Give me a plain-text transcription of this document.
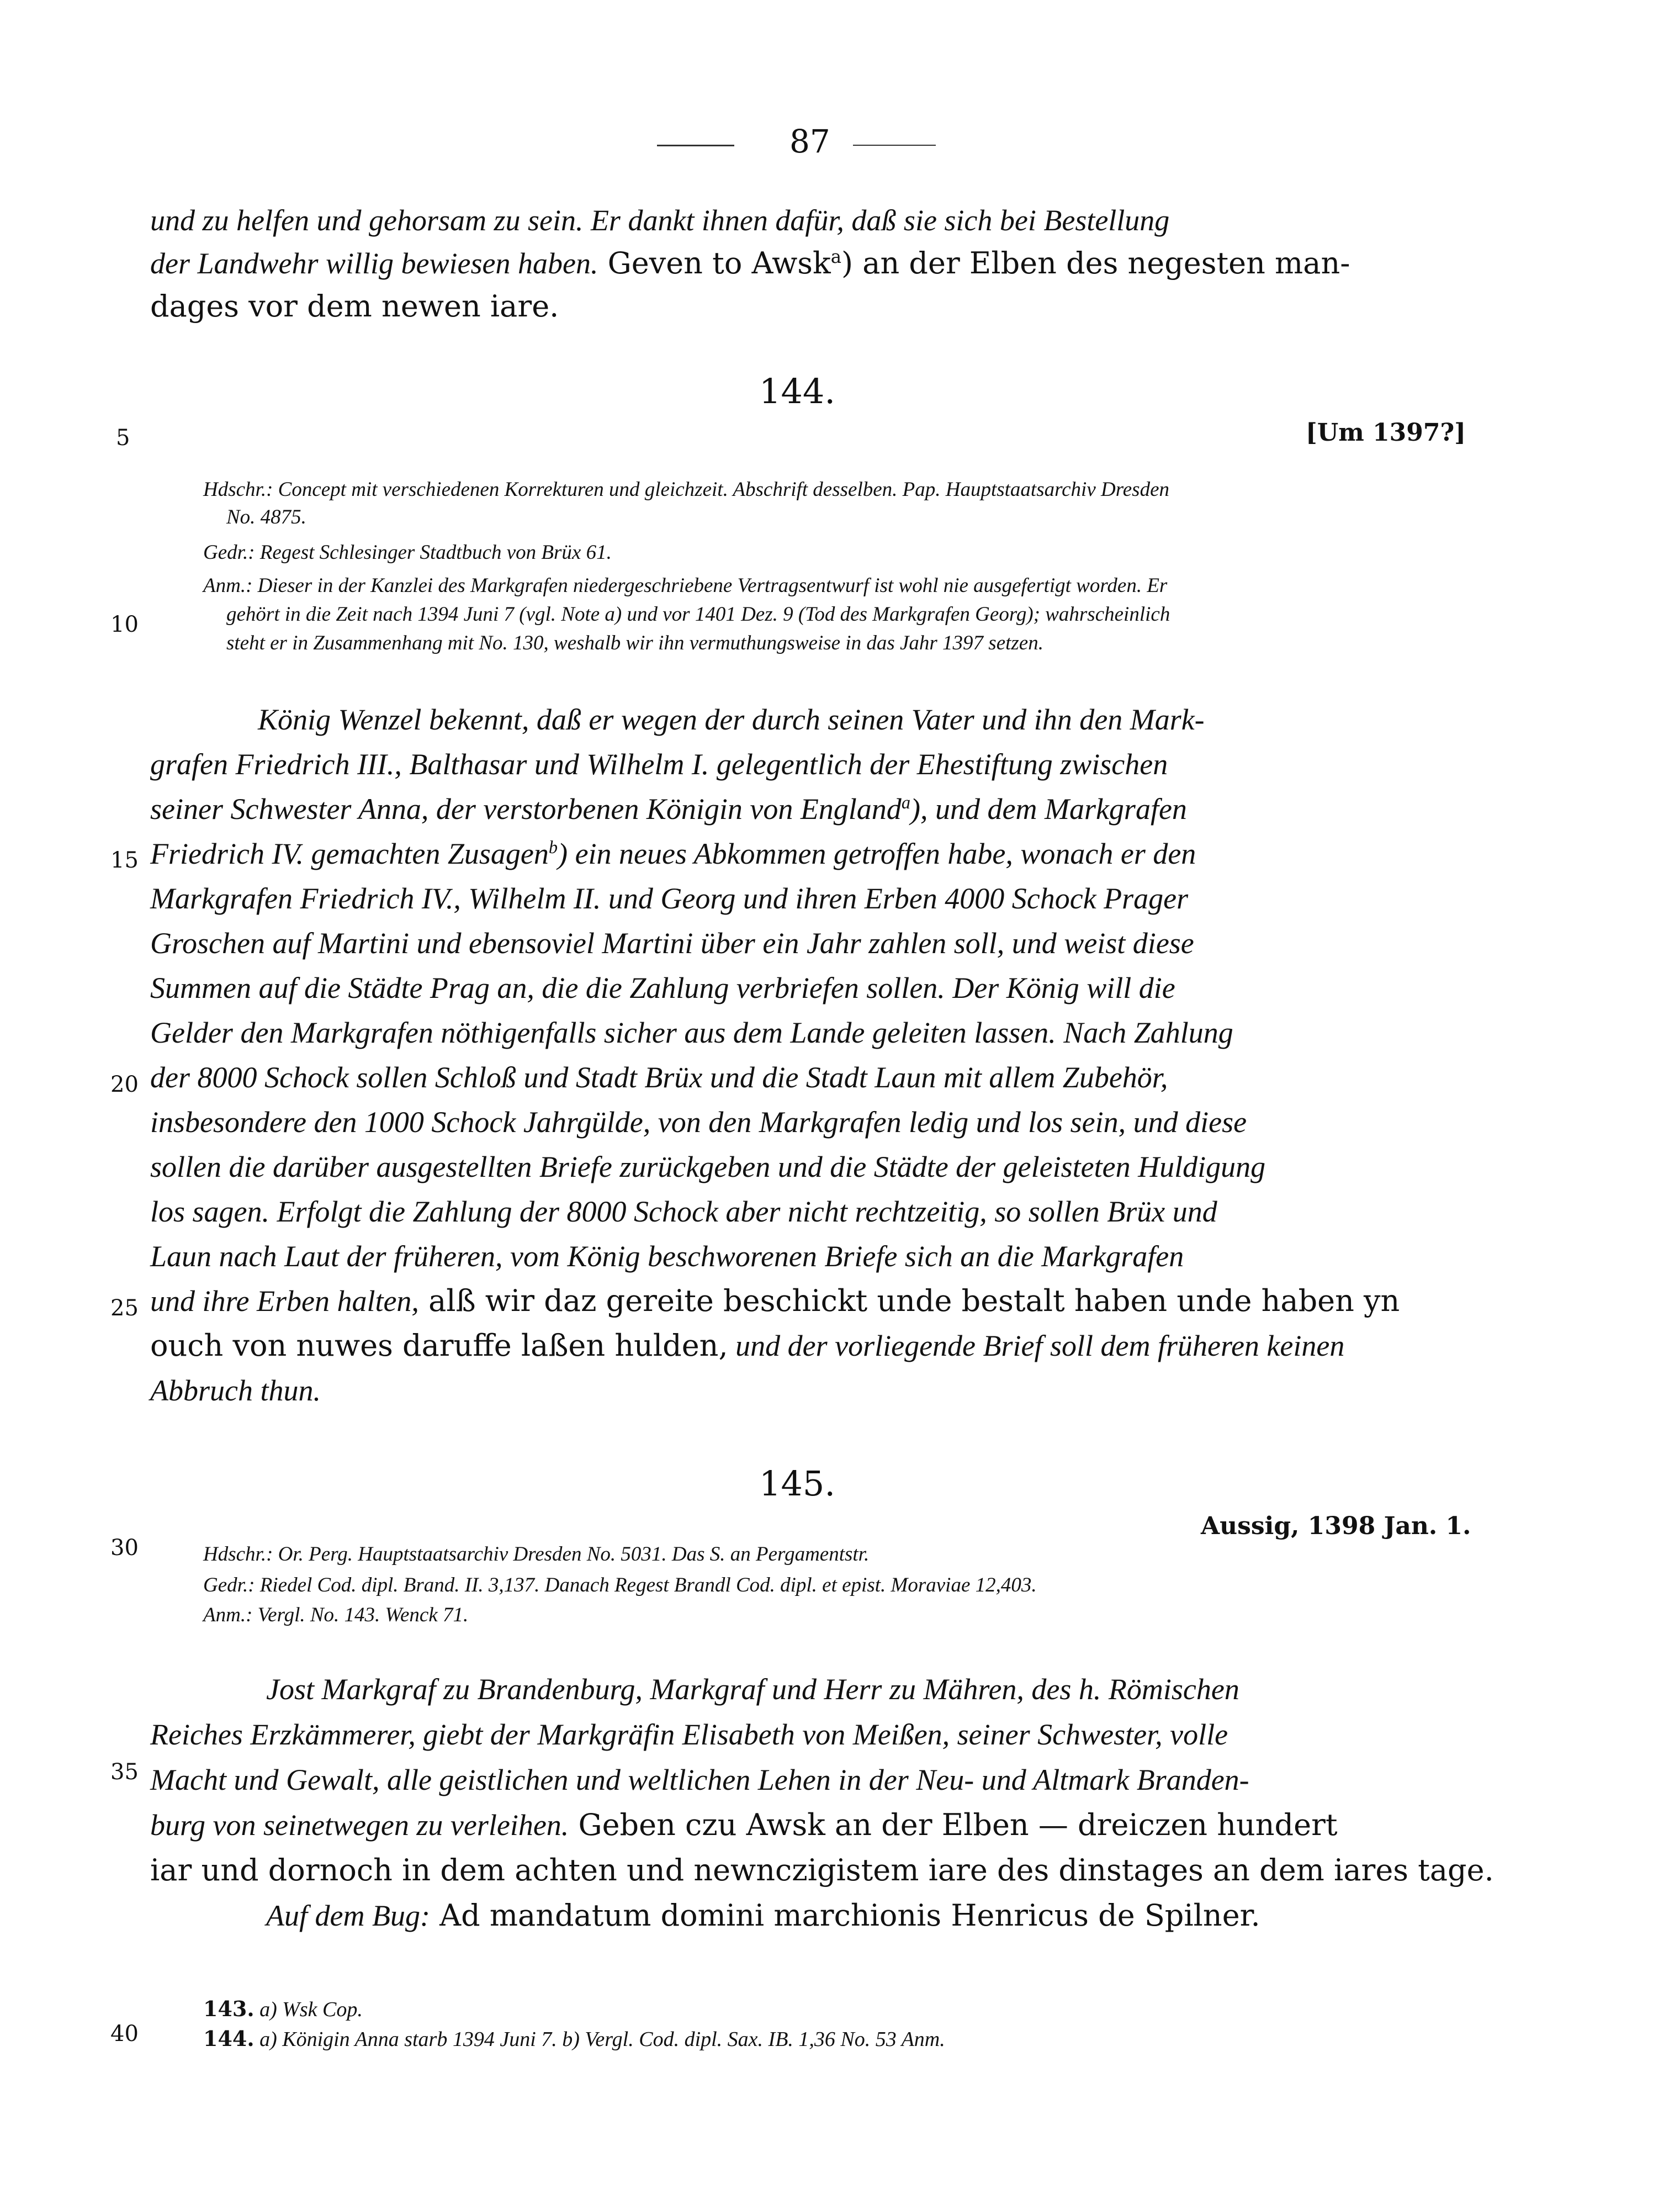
87
und zu helfen und gehorsam zu sein. Er dankt ihnen dafür, daß sie sich bei Bestellung
der Landwehr willig bewiesen haben. Geven to Awsk$^a$) an der Elben des negesten man-
dages vor dem newen iare.
144.
[Um 1397?]
Hdschr.: Concept mit verschiedenen Korrekturen und gleichzeit. Abschrift desselben. Pap. Hauptstaatsarchiv Dresden
No. 4875.
Gedr.: Regest Schlesinger Stadtbuch von Brüx 61.
Anm.: Dieser in der Kanzlei des Markgrafen niedergeschriebene Vertragsentwurf ist wohl nie ausgefertigt worden. Er
gehört in die Zeit nach 1394 Juni 7 (vgl. Note a) und vor 1401 Dez. 9 (Tod des Markgrafen Georg); wahrscheinlich
steht er in Zusammenhang mit No. 130, weshalb wir ihn vermuthungsweise in das Jahr 1397 setzen.
König Wenzel bekennt, daß er wegen der durch seinen Vater und ihn den Mark-
grafen Friedrich III., Balthasar und Wilhelm I. gelegentlich der Ehestiftung zwischen
seiner Schwester Anna, der verstorbenen Königin von England$^a$), und dem Markgrafen
Friedrich IV. gemachten Zusagen$^b$) ein neues Abkommen getroffen habe, wonach er den
Markgrafen Friedrich IV., Wilhelm II. und Georg und ihren Erben 4000 Schock Prager
Groschen auf Martini und ebensoviel Martini über ein Jahr zahlen soll, und weist diese
Summen auf die Städte Prag an, die die Zahlung verbriefen sollen. Der König will die
Gelder den Markgrafen nöthigenfalls sicher aus dem Lande geleiten lassen. Nach Zahlung
der 8000 Schock sollen Schloß und Stadt Brüx und die Stadt Laun mit allem Zubehör,
insbesondere den 1000 Schock Jahrgülde, von den Markgrafen ledig und los sein, und diese
sollen die darüber ausgestellten Briefe zurückgeben und die Städte der geleisteten Huldigung
los sagen. Erfolgt die Zahlung der 8000 Schock aber nicht rechtzeitig, so sollen Brüx und
Laun nach Laut der früheren, vom König beschworenen Briefe sich an die Markgrafen
und ihre Erben halten, alß wir daz gereite beschickt unde bestalt haben unde haben yn
ouch von nuwes daruffe laßen hulden, und der vorliegende Brief soll dem früheren keinen
Abbruch thun.
145.
Aussig, 1398 Jan. 1.
Hdschr.: Or. Perg. Hauptstaatsarchiv Dresden No. 5031. Das S. an Pergamentstr.
Gedr.: Riedel Cod. dipl. Brand. II. 3,137. Danach Regest Brandl Cod. dipl. et epist. Moraviae 12,403.
Anm.: Vergl. No. 143. Wenck 71.
Jost Markgraf zu Brandenburg, Markgraf und Herr zu Mähren, des h. Römischen
Reiches Erzkämmerer, giebt der Markgräfin Elisabeth von Meißen, seiner Schwester, volle
Macht und Gewalt, alle geistlichen und weltlichen Lehen in der Neu- und Altmark Branden-
burg von seinetwegen zu verleihen. Geben czu Awsk an der Elben — dreiczen hundert
iar und dornoch in dem achten und newnczigistem iare des dinstages an dem iares tage.
Auf dem Bug: Ad mandatum domini marchionis Henricus de Spilner.
143. a) Wsk Cop.
144. a) Königin Anna starb 1394 Juni 7. b) Vergl. Cod. dipl. Sax. IB. 1,36 No. 53 Anm.
5
10
15
20
25
30
35
40
